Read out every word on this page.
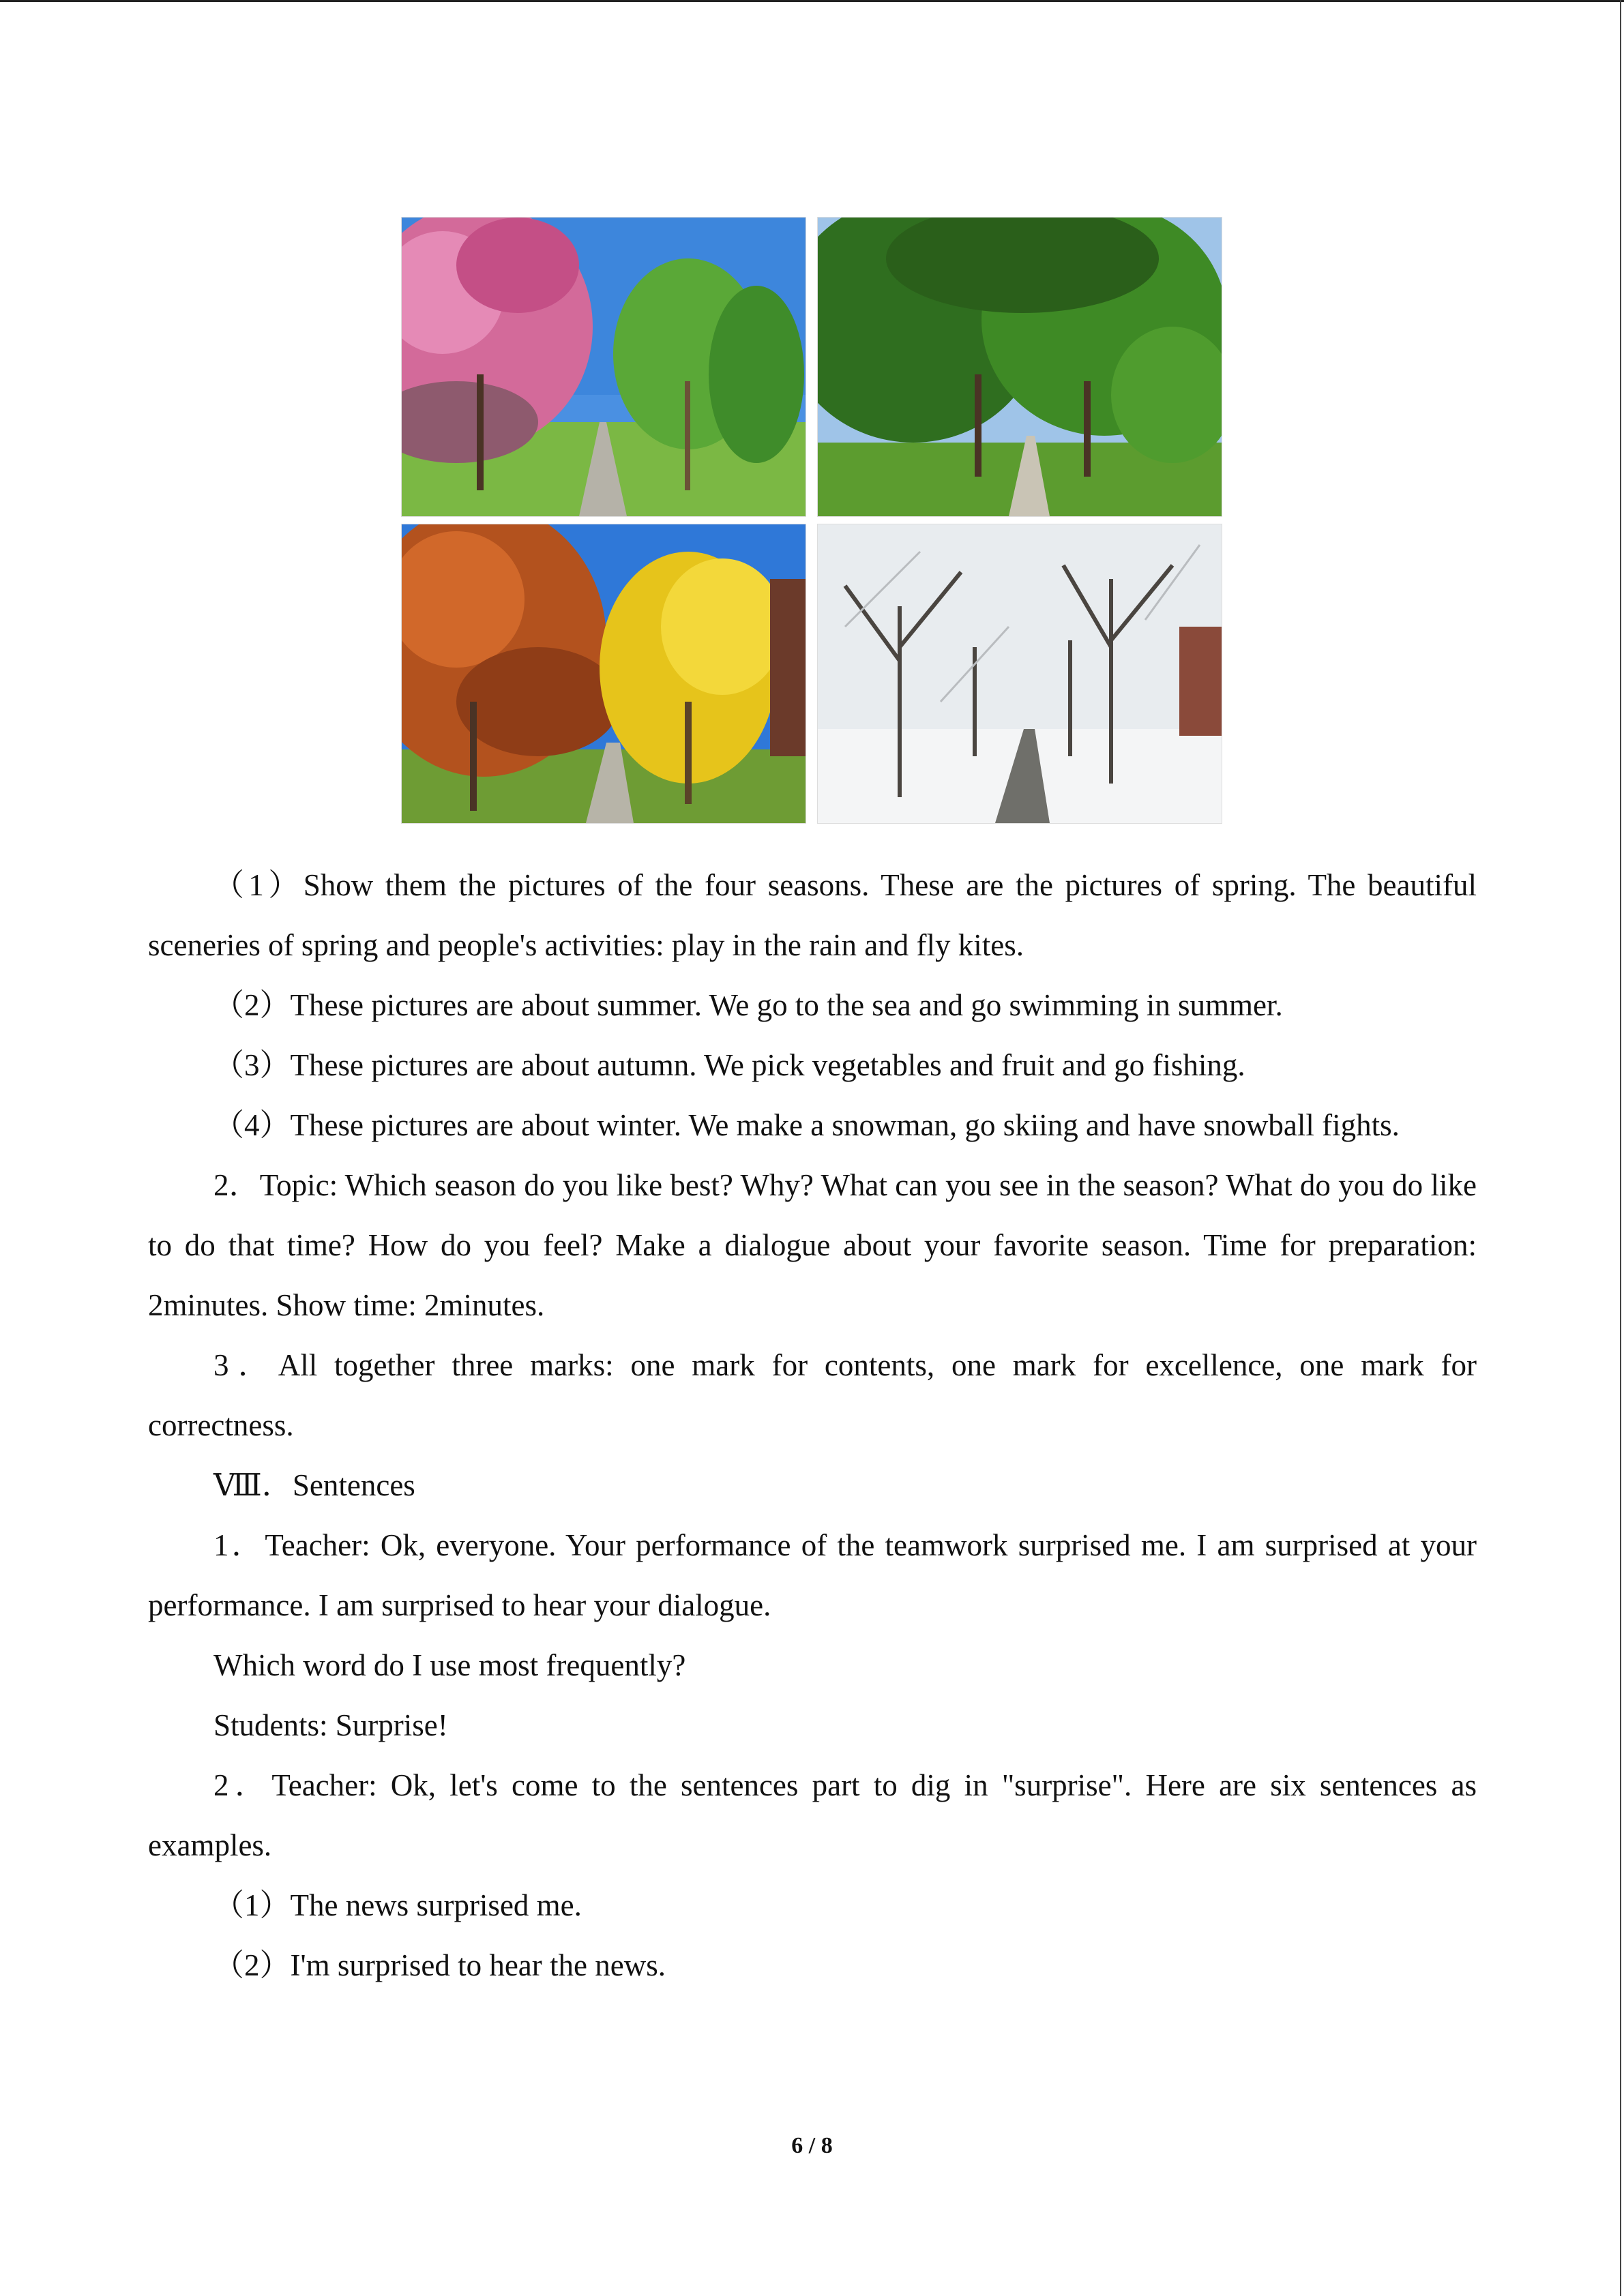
（1）Show them the pictures of the four seasons. These are the pictures of spring. The beautiful sceneries of spring and people's activities: play in the rain and fly kites.

（2）These pictures are about summer. We go to the sea and go swimming in summer.

（3）These pictures are about autumn. We pick vegetables and fruit and go fishing.

（4）These pictures are about winter. We make a snowman, go skiing and have snowball fights.

2．Topic: Which season do you like best? Why? What can you see in the season? What do you do like to do that time? How do you feel? Make a dialogue about your favorite season. Time for preparation: 2minutes. Show time: 2minutes.

3．All together three marks: one mark for contents, one mark for excellence, one mark for correctness.

Ⅷ．Sentences

1．Teacher: Ok, everyone. Your performance of the teamwork surprised me. I am surprised at your performance. I am surprised to hear your dialogue.

Which word do I use most frequently?

Students: Surprise!

2．Teacher: Ok, let's come to the sentences part to dig in "surprise". Here are six sentences as examples.

（1）The news surprised me.

（2）I'm surprised to hear the news.

6 / 8
